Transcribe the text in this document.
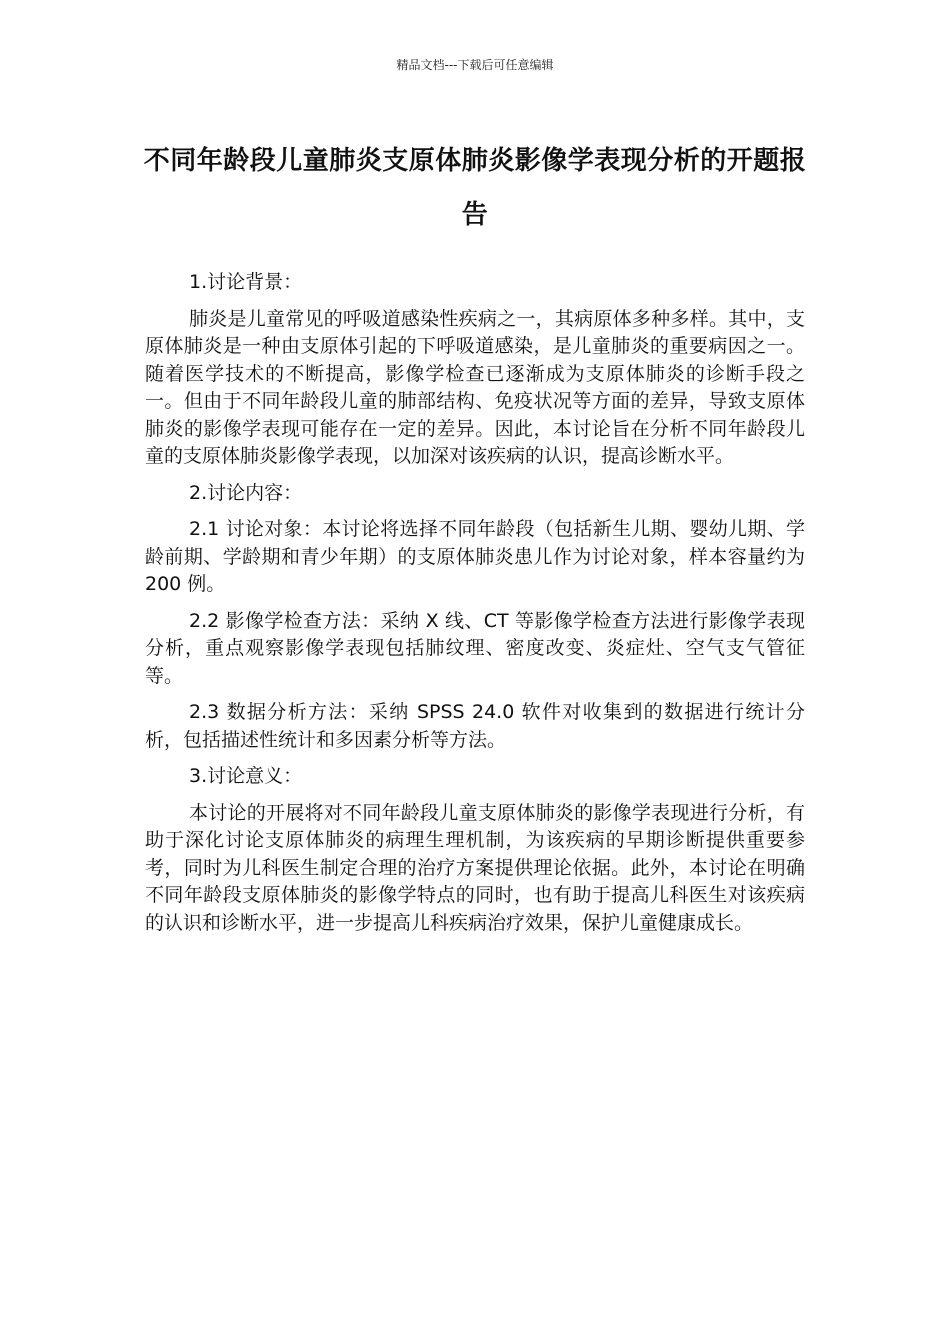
精品文档---下载后可任意编辑
不同年龄段儿童肺炎支原体肺炎影像学表现分析的开题报告

1.讨论背景：

肺炎是儿童常见的呼吸道感染性疾病之一，其病原体多种多样。其中，支原体肺炎是一种由支原体引起的下呼吸道感染，是儿童肺炎的重要病因之一。随着医学技术的不断提高，影像学检查已逐渐成为支原体肺炎的诊断手段之一。但由于不同年龄段儿童的肺部结构、免疫状况等方面的差异，导致支原体肺炎的影像学表现可能存在一定的差异。因此，本讨论旨在分析不同年龄段儿童的支原体肺炎影像学表现，以加深对该疾病的认识，提高诊断水平。

2.讨论内容：

2.1 讨论对象：本讨论将选择不同年龄段（包括新生儿期、婴幼儿期、学龄前期、学龄期和青少年期）的支原体肺炎患儿作为讨论对象，样本容量约为 200 例。

2.2 影像学检查方法：采纳 X 线、CT 等影像学检查方法进行影像学表现分析，重点观察影像学表现包括肺纹理、密度改变、炎症灶、空气支气管征等。

2.3 数据分析方法：采纳 SPSS 24.0 软件对收集到的数据进行统计分析，包括描述性统计和多因素分析等方法。

3.讨论意义：

本讨论的开展将对不同年龄段儿童支原体肺炎的影像学表现进行分析，有助于深化讨论支原体肺炎的病理生理机制，为该疾病的早期诊断提供重要参考，同时为儿科医生制定合理的治疗方案提供理论依据。此外，本讨论在明确不同年龄段支原体肺炎的影像学特点的同时，也有助于提高儿科医生对该疾病的认识和诊断水平，进一步提高儿科疾病治疗效果，保护儿童健康成长。
